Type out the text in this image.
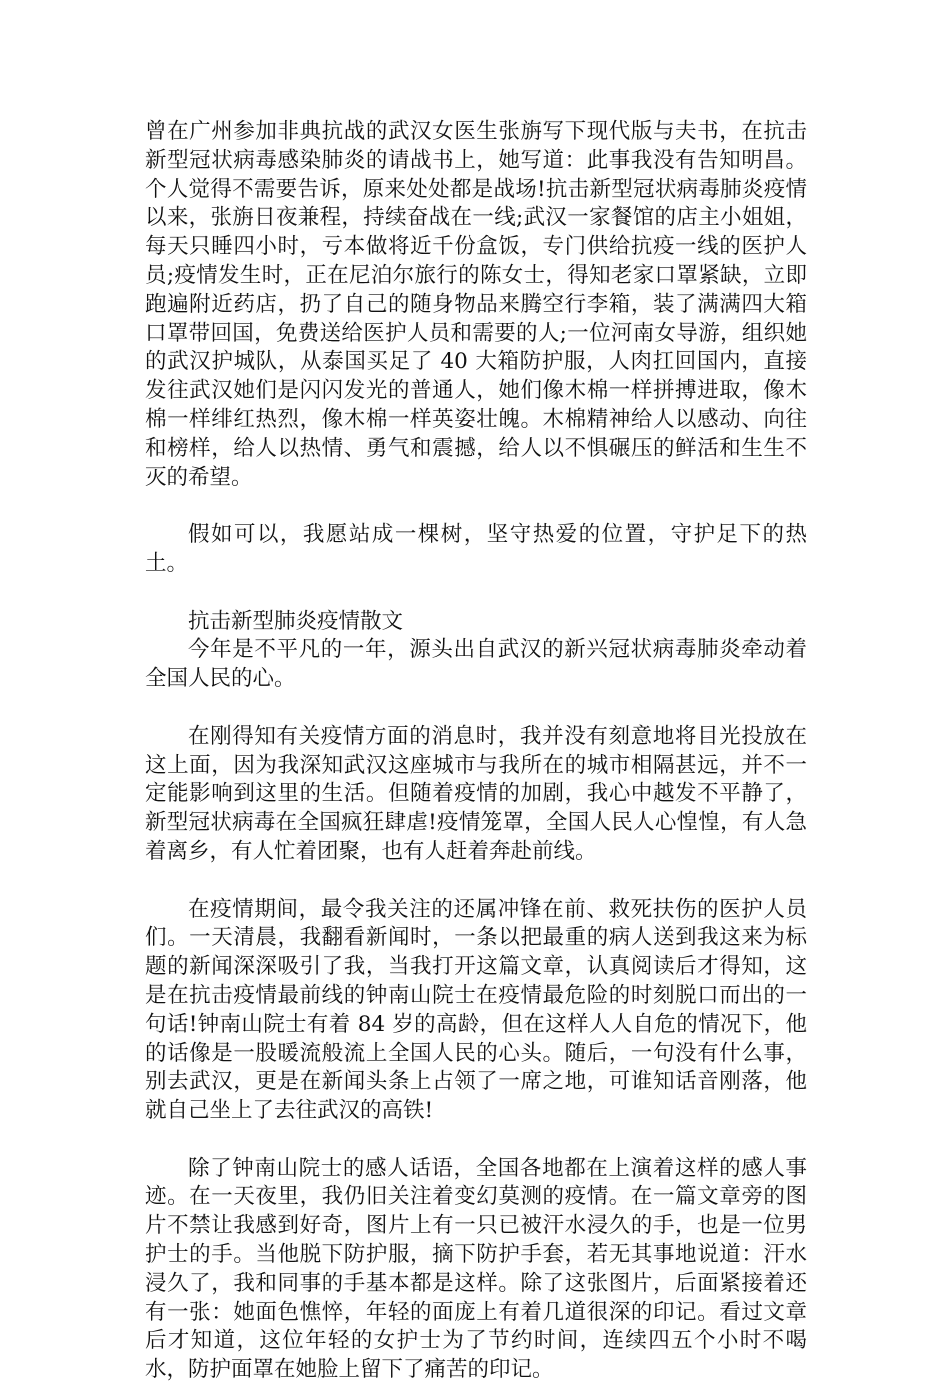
曾在广州参加非典抗战的武汉女医生张旃写下现代版与夫书，在抗击新型冠状病毒感染肺炎的请战书上，她写道：此事我没有告知明昌。个人觉得不需要告诉，原来处处都是战场!抗击新型冠状病毒肺炎疫情以来，张旃日夜兼程，持续奋战在一线;武汉一家餐馆的店主小姐姐，每天只睡四小时，亏本做将近千份盒饭，专门供给抗疫一线的医护人员;疫情发生时，正在尼泊尔旅行的陈女士，得知老家口罩紧缺，立即跑遍附近药店，扔了自己的随身物品来腾空行李箱，装了满满四大箱口罩带回国，免费送给医护人员和需要的人;一位河南女导游，组织她的武汉护城队，从泰国买足了 40 大箱防护服，人肉扛回国内，直接发往武汉她们是闪闪发光的普通人，她们像木棉一样拼搏进取，像木棉一样绯红热烈，像木棉一样英姿壮魄。木棉精神给人以感动、向往和榜样，给人以热情、勇气和震撼，给人以不惧碾压的鲜活和生生不灭的希望。

假如可以，我愿站成一棵树，坚守热爱的位置，守护足下的热土。

抗击新型肺炎疫情散文

今年是不平凡的一年，源头出自武汉的新兴冠状病毒肺炎牵动着全国人民的心。

在刚得知有关疫情方面的消息时，我并没有刻意地将目光投放在这上面，因为我深知武汉这座城市与我所在的城市相隔甚远，并不一定能影响到这里的生活。但随着疫情的加剧，我心中越发不平静了，新型冠状病毒在全国疯狂肆虐!疫情笼罩，全国人民人心惶惶，有人急着离乡，有人忙着团聚，也有人赶着奔赴前线。

在疫情期间，最令我关注的还属冲锋在前、救死扶伤的医护人员们。一天清晨，我翻看新闻时，一条以把最重的病人送到我这来为标题的新闻深深吸引了我，当我打开这篇文章，认真阅读后才得知，这是在抗击疫情最前线的钟南山院士在疫情最危险的时刻脱口而出的一句话!钟南山院士有着 84 岁的高龄，但在这样人人自危的情况下，他的话像是一股暖流般流上全国人民的心头。随后，一句没有什么事，别去武汉，更是在新闻头条上占领了一席之地，可谁知话音刚落，他就自己坐上了去往武汉的高铁!

除了钟南山院士的感人话语，全国各地都在上演着这样的感人事迹。在一天夜里，我仍旧关注着变幻莫测的疫情。在一篇文章旁的图片不禁让我感到好奇，图片上有一只已被汗水浸久的手，也是一位男护士的手。当他脱下防护服，摘下防护手套，若无其事地说道：汗水浸久了，我和同事的手基本都是这样。除了这张图片，后面紧接着还有一张：她面色憔悴，年轻的面庞上有着几道很深的印记。看过文章后才知道，这位年轻的女护士为了节约时间，连续四五个小时不喝水，防护面罩在她脸上留下了痛苦的印记。
